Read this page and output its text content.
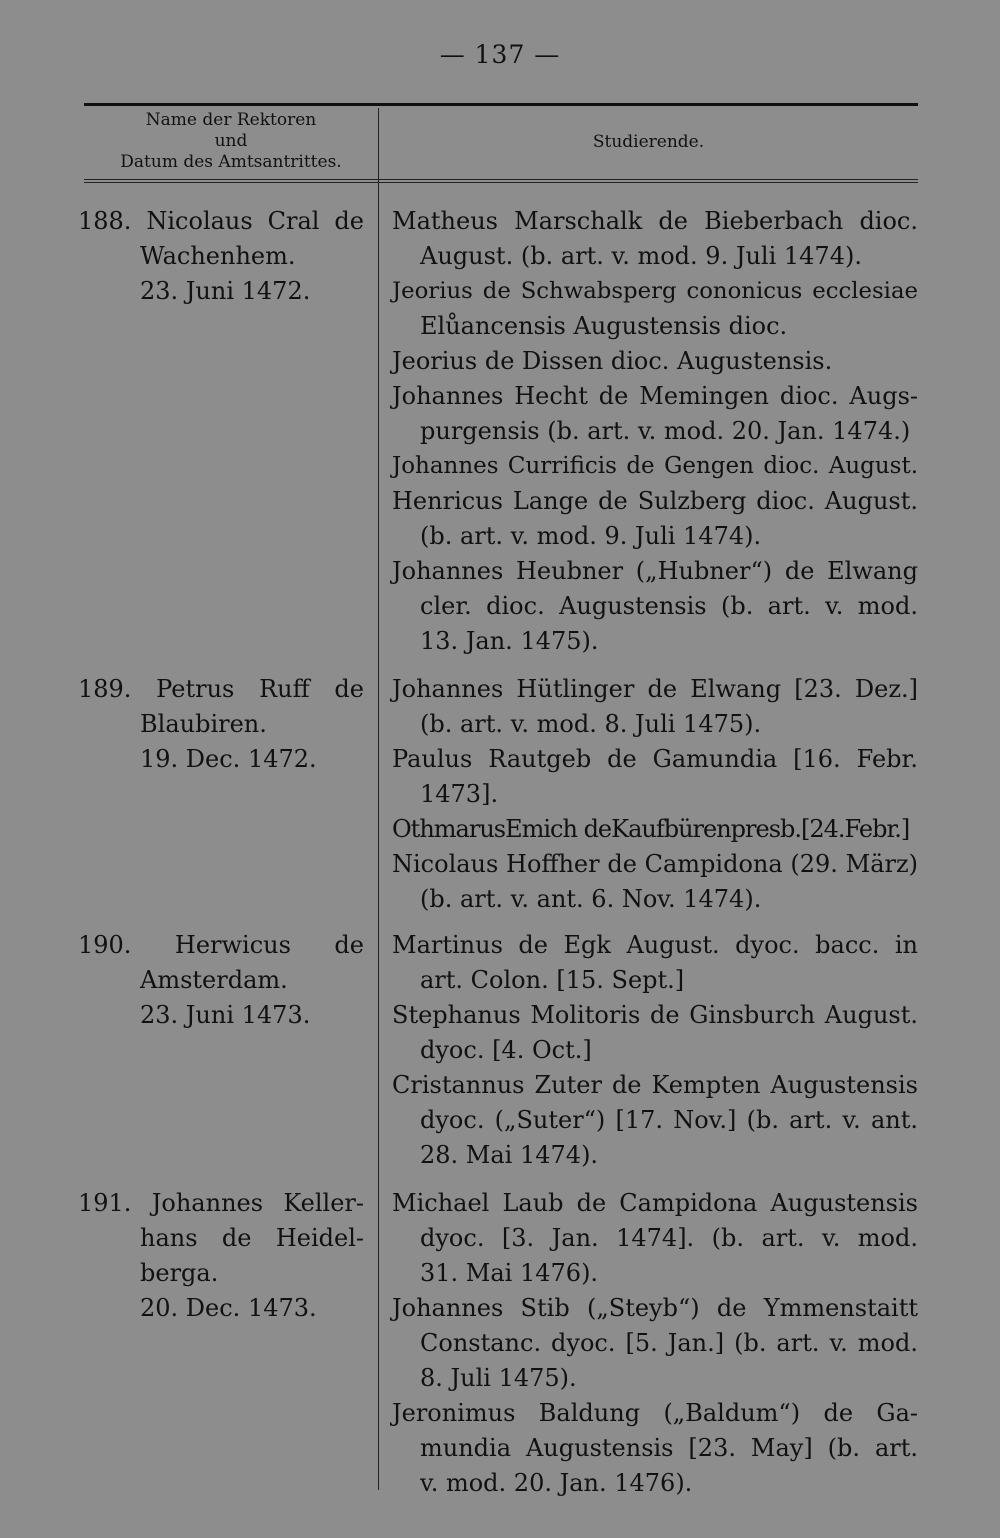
— 137 —
Name der Rektoren
und
Datum des Amtsantrittes.
Studierende.
188. Nicolaus Cral de
Wachenhem.
23. Juni 1472.
Matheus Marschalk de Bieberbach dioc.
August. (b. art. v. mod. 9. Juli 1474).
Jeorius de Schwabsperg cononicus ecclesiae
Elůancensis Augustensis dioc.
Jeorius de Dissen dioc. Augustensis.
Johannes Hecht de Memingen dioc. Augs-
purgensis (b. art. v. mod. 20. Jan. 1474.)
Johannes Currificis de Gengen dioc. August.
Henricus Lange de Sulzberg dioc. August.
(b. art. v. mod. 9. Juli 1474).
Johannes Heubner („Hubner“) de Elwang
cler. dioc. Augustensis (b. art. v. mod.
13. Jan. 1475).
189. Petrus Ruff de
Blaubiren.
19. Dec. 1472.
Johannes Hütlinger de Elwang [23. Dez.]
(b. art. v. mod. 8. Juli 1475).
Paulus Rautgeb de Gamundia [16. Febr.
1473].
OthmarusEmich deKaufbürenpresb.[24.Febr.]
Nicolaus Hoffher de Campidona (29. März)
(b. art. v. ant. 6. Nov. 1474).
190. Herwicus de
Amsterdam.
23. Juni 1473.
Martinus de Egk August. dyoc. bacc. in
art. Colon. [15. Sept.]
Stephanus Molitoris de Ginsburch August.
dyoc. [4. Oct.]
Cristannus Zuter de Kempten Augustensis
dyoc. („Suter“) [17. Nov.] (b. art. v. ant.
28. Mai 1474).
191. Johannes Keller-
hans de Heidel-
berga.
20. Dec. 1473.
Michael Laub de Campidona Augustensis
dyoc. [3. Jan. 1474]. (b. art. v. mod.
31. Mai 1476).
Johannes Stib („Steyb“) de Ymmenstaitt
Constanc. dyoc. [5. Jan.] (b. art. v. mod.
8. Juli 1475).
Jeronimus Baldung („Baldum“) de Ga-
mundia Augustensis [23. May] (b. art.
v. mod. 20. Jan. 1476).
